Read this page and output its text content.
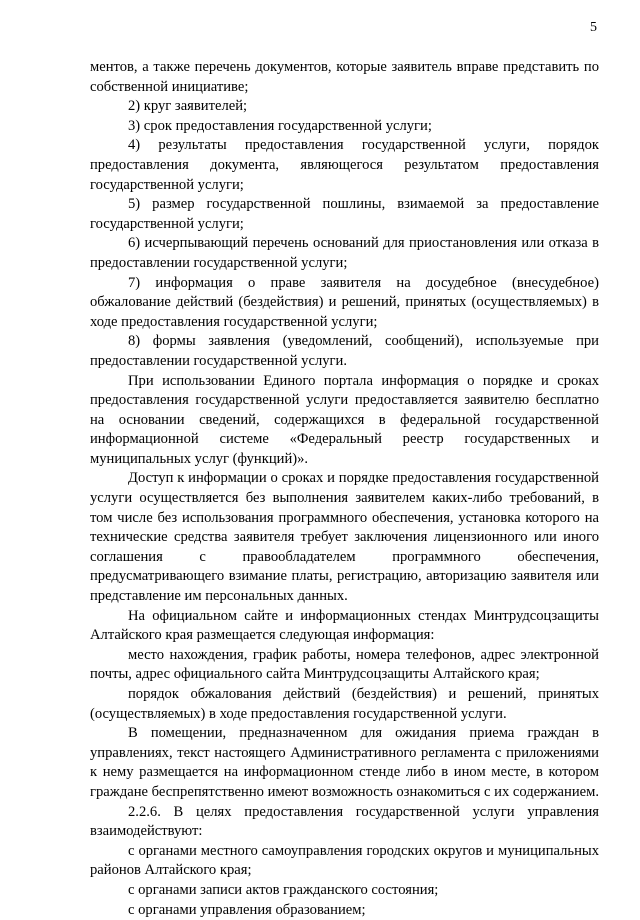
5

ментов, а также перечень документов, которые заявитель вправе представить по собственной инициативе;

2) круг заявителей;

3) срок предоставления государственной услуги;

4) результаты предоставления государственной услуги, порядок предоставления документа, являющегося результатом предоставления государственной услуги;

5) размер государственной пошлины, взимаемой за предоставление государственной услуги;

6) исчерпывающий перечень оснований для приостановления или отказа в предоставлении государственной услуги;

7) информация о праве заявителя на досудебное (внесудебное) обжалование действий (бездействия) и решений, принятых (осуществляемых) в ходе предоставления государственной услуги;

8) формы заявления (уведомлений, сообщений), используемые при предоставлении государственной услуги.

При использовании Единого портала информация о порядке и сроках предоставления государственной услуги предоставляется заявителю бесплатно на основании сведений, содержащихся в федеральной государственной информационной системе «Федеральный реестр государственных и муниципальных услуг (функций)».

Доступ к информации о сроках и порядке предоставления государственной услуги осуществляется без выполнения заявителем каких-либо требований, в том числе без использования программного обеспечения, установка которого на технические средства заявителя требует заключения лицензионного или иного соглашения с правообладателем программного обеспечения, предусматривающего взимание платы, регистрацию, авторизацию заявителя или представление им персональных данных.

На официальном сайте и информационных стендах Минтрудсоцзащиты Алтайского края размещается следующая информация:

место нахождения, график работы, номера телефонов, адрес электронной почты, адрес официального сайта Минтрудсоцзащиты Алтайского края;

порядок обжалования действий (бездействия) и решений, принятых (осуществляемых) в ходе предоставления государственной услуги.

В помещении, предназначенном для ожидания приема граждан в управлениях, текст настоящего Административного регламента с приложениями к нему размещается на информационном стенде либо в ином месте, в котором граждане беспрепятственно имеют возможность ознакомиться с их содержанием.

2.2.6. В целях предоставления государственной услуги управления взаимодействуют:

с органами местного самоуправления городских округов и муниципальных районов Алтайского края;

с органами записи актов гражданского состояния;

с органами управления образованием;
